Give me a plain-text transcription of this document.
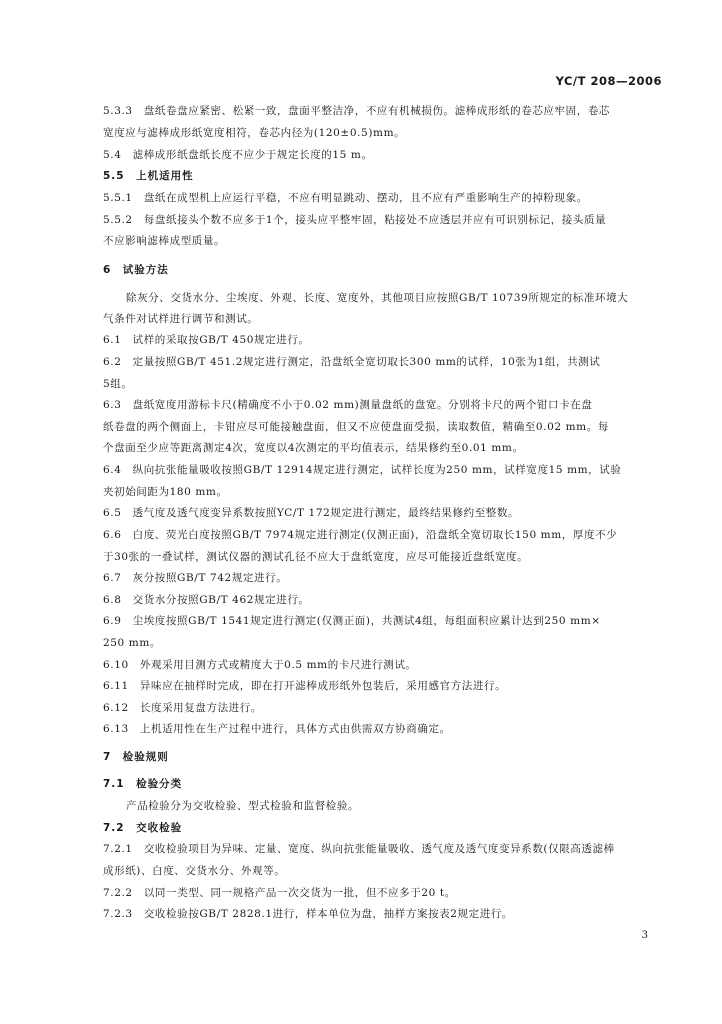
YC/T 208—2006
5.3.3　盘纸卷盘应紧密、松紧一致，盘面平整洁净，不应有机械损伤。滤棒成形纸的卷芯应牢固，卷芯
宽度应与滤棒成形纸宽度相符，卷芯内径为(120±0.5)mm。
5.4　滤棒成形纸盘纸长度不应少于规定长度的15 m。
5.5　上机适用性
5.5.1　盘纸在成型机上应运行平稳，不应有明显跳动、摆动，且不应有严重影响生产的掉粉现象。
5.5.2　每盘纸接头个数不应多于1个，接头应平整牢固，粘接处不应透层并应有可识别标记，接头质量
不应影响滤棒成型质量。
6　试验方法
除灰分、交货水分、尘埃度、外观、长度、宽度外，其他项目应按照GB/T 10739所规定的标准环境大
气条件对试样进行调节和测试。
6.1　试样的采取按GB/T 450规定进行。
6.2　定量按照GB/T 451.2规定进行测定，沿盘纸全宽切取长300 mm的试样，10张为1组，共测试
5组。
6.3　盘纸宽度用游标卡尺(精确度不小于0.02 mm)测量盘纸的盘宽。分别将卡尺的两个钳口卡在盘
纸卷盘的两个侧面上，卡钳应尽可能接触盘面，但又不应使盘面受损，读取数值，精确至0.02 mm。每
个盘面至少应等距离测定4次，宽度以4次测定的平均值表示，结果修约至0.01 mm。
6.4　纵向抗张能量吸收按照GB/T 12914规定进行测定，试样长度为250 mm，试样宽度15 mm，试验
夹初始间距为180 mm。
6.5　透气度及透气度变异系数按照YC/T 172规定进行测定，最终结果修约至整数。
6.6　白度、荧光白度按照GB/T 7974规定进行测定(仅测正面)，沿盘纸全宽切取长150 mm，厚度不少
于30张的一叠试样，测试仪器的测试孔径不应大于盘纸宽度，应尽可能接近盘纸宽度。
6.7　灰分按照GB/T 742规定进行。
6.8　交货水分按照GB/T 462规定进行。
6.9　尘埃度按照GB/T 1541规定进行测定(仅测正面)，共测试4组，每组面积应累计达到250 mm×
250 mm。
6.10　外观采用目测方式或精度大于0.5 mm的卡尺进行测试。
6.11　异味应在抽样时完成，即在打开滤棒成形纸外包装后，采用感官方法进行。
6.12　长度采用复盘方法进行。
6.13　上机适用性在生产过程中进行，具体方式由供需双方协商确定。
7　检验规则
7.1　检验分类
产品检验分为交收检验、型式检验和监督检验。
7.2　交收检验
7.2.1　交收检验项目为异味、定量、宽度、纵向抗张能量吸收、透气度及透气度变异系数(仅限高透滤棒
成形纸)、白度、交货水分、外观等。
7.2.2　以同一类型、同一规格产品一次交货为一批，但不应多于20 t。
7.2.3　交收检验按GB/T 2828.1进行，样本单位为盘，抽样方案按表2规定进行。
3
